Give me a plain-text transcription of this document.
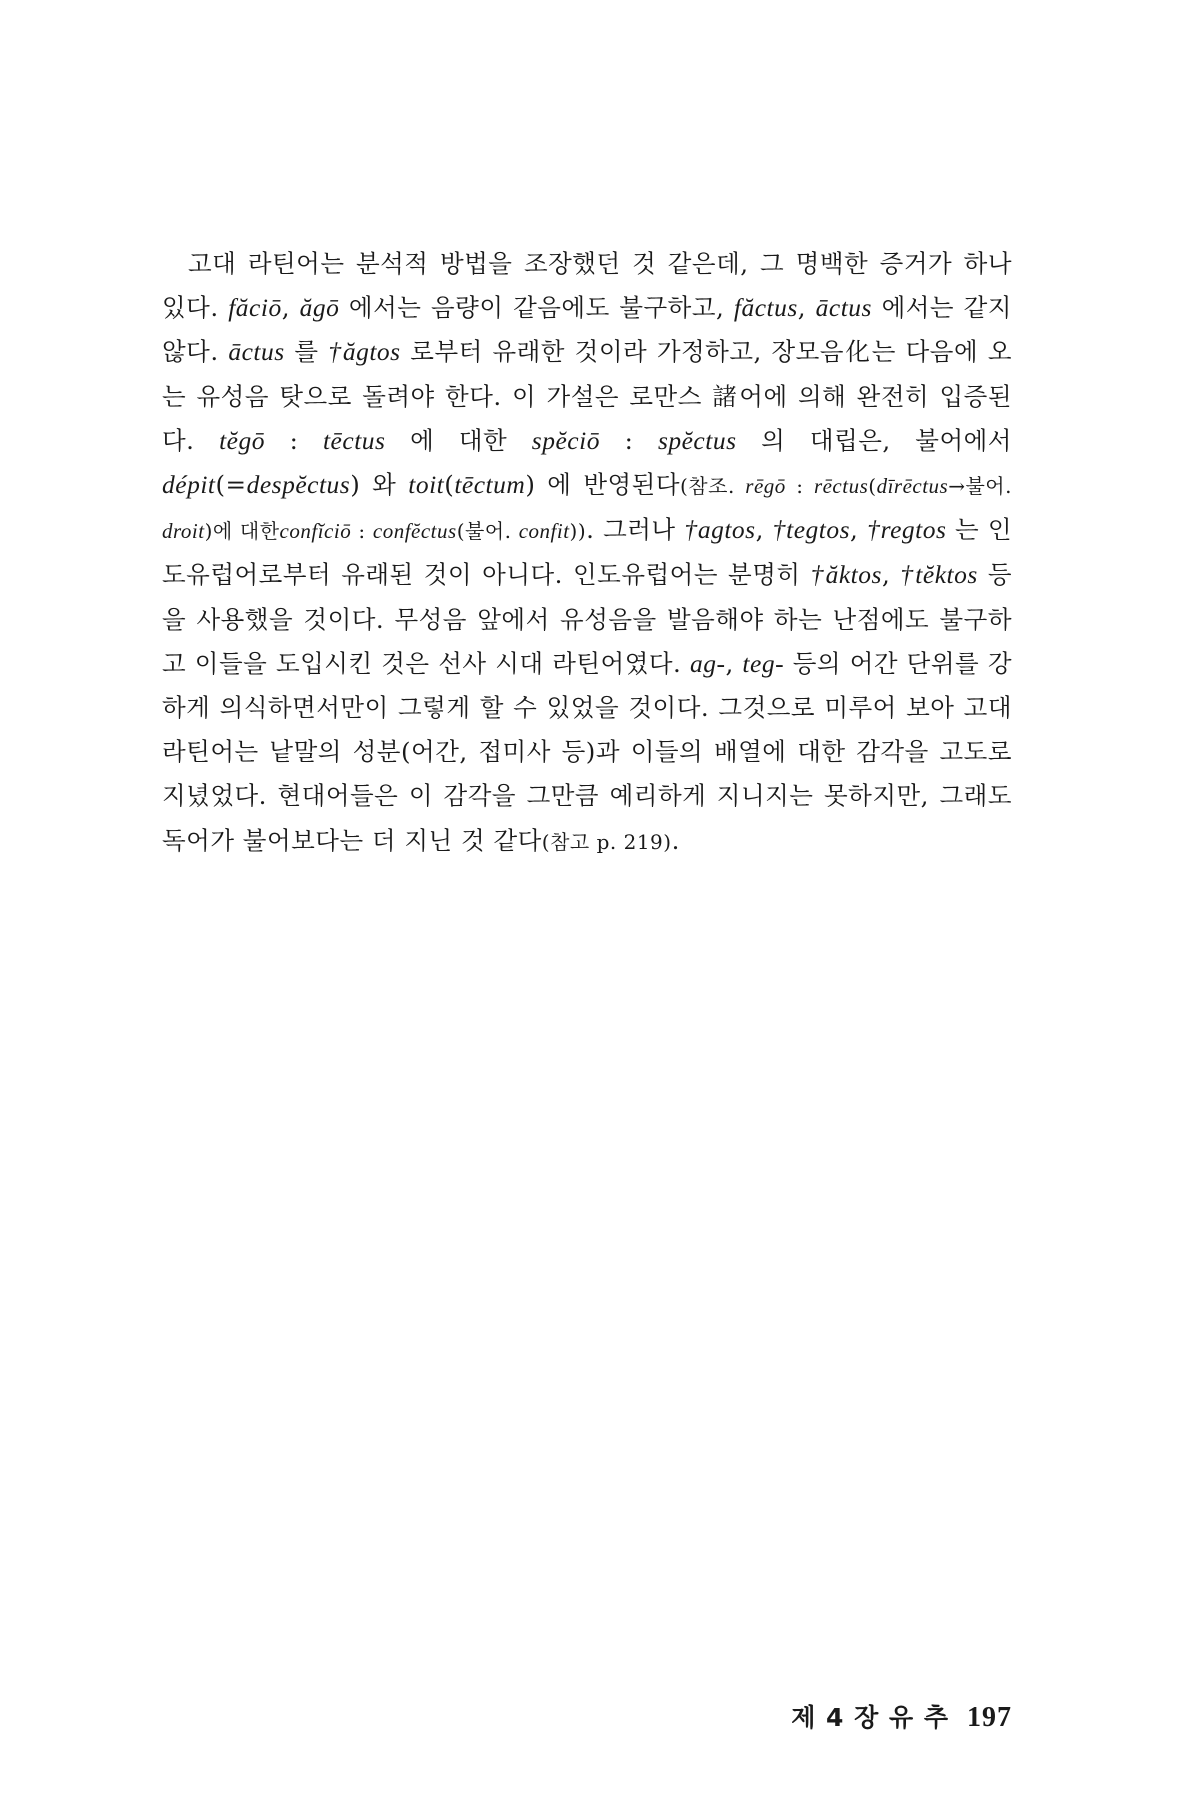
고대 라틴어는 분석적 방법을 조장했던 것 같은데, 그 명백한 증거가 하나 있다. făciō, ăgō 에서는 음량이 같음에도 불구하고, făctus, āctus 에서는 같지 않다. āctus 를 †ăgtos 로부터 유래한 것이라 가정하고, 장모음化는 다음에 오는 유성음 탓으로 돌려야 한다. 이 가설은 로만스 諸어에 의해 완전히 입증된다. tĕgō : tēctus 에 대한 spĕciō : spĕctus 의 대립은, 불어에서 dépit(=despĕctus) 와 toit(tēctum) 에 반영된다(참조. rēgō : rēctus(dīrēctus→불어. droit)에 대한confĭciō : confĕctus(불어. confit)). 그러나 †agtos, †tegtos, †regtos 는 인도유럽어로부터 유래된 것이 아니다. 인도유럽어는 분명히 †ăktos, †tĕktos 등을 사용했을 것이다. 무성음 앞에서 유성음을 발음해야 하는 난점에도 불구하고 이들을 도입시킨 것은 선사 시대 라틴어였다. ag-, teg- 등의 어간 단위를 강하게 의식하면서만이 그렇게 할 수 있었을 것이다. 그것으로 미루어 보아 고대 라틴어는 낱말의 성분(어간, 접미사 등)과 이들의 배열에 대한 감각을 고도로 지녔었다. 현대어들은 이 감각을 그만큼 예리하게 지니지는 못하지만, 그래도 독어가 불어보다는 더 지닌 것 같다(참고 p. 219).

제 4 장 유 추 197
